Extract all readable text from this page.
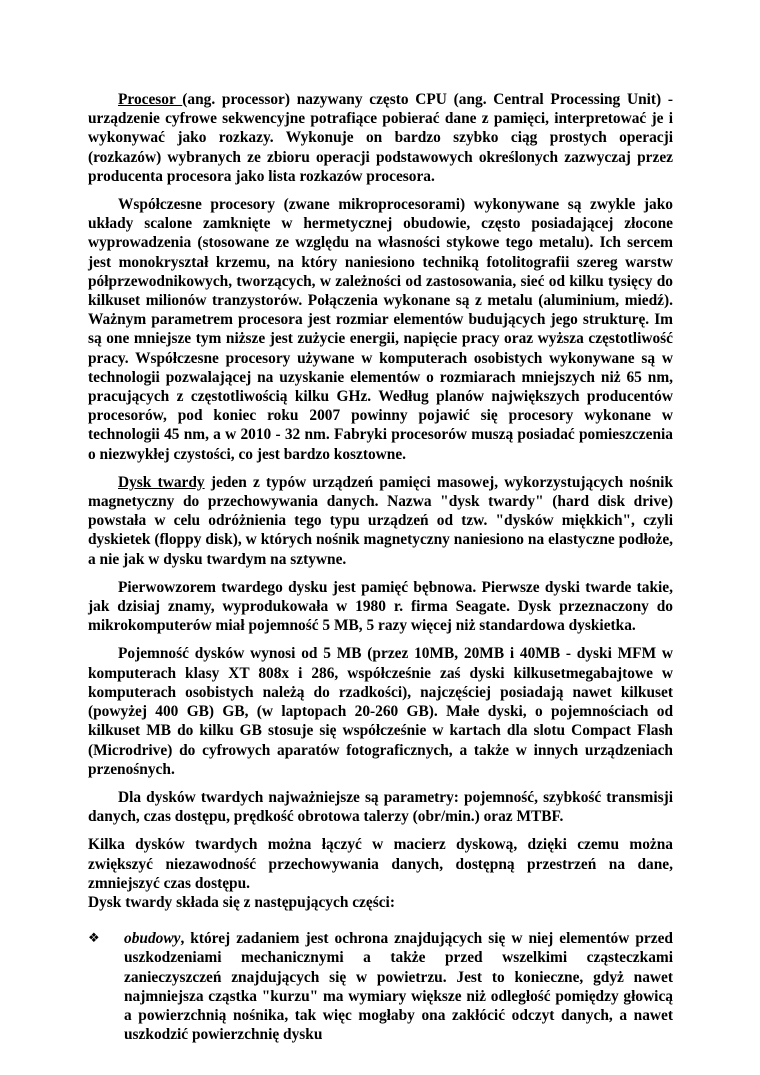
Procesor (ang. processor) nazywany często CPU (ang. Central Processing Unit) - urządzenie cyfrowe sekwencyjne potrafiące pobierać dane z pamięci, interpretować je i wykonywać jako rozkazy. Wykonuje on bardzo szybko ciąg prostych operacji (rozkazów) wybranych ze zbioru operacji podstawowych określonych zazwyczaj przez producenta procesora jako lista rozkazów procesora.

Współczesne procesory (zwane mikroprocesorami) wykonywane są zwykle jako układy scalone zamknięte w hermetycznej obudowie, często posiadającej złocone wyprowadzenia (stosowane ze względu na własności stykowe tego metalu). Ich sercem jest monokryształ krzemu, na który naniesiono techniką fotolitografii szereg warstw półprzewodnikowych, tworzących, w zależności od zastosowania, sieć od kilku tysięcy do kilkuset milionów tranzystorów. Połączenia wykonane są z metalu (aluminium, miedź). Ważnym parametrem procesora jest rozmiar elementów budujących jego strukturę. Im są one mniejsze tym niższe jest zużycie energii, napięcie pracy oraz wyższa częstotliwość pracy. Współczesne procesory używane w komputerach osobistych wykonywane są w technologii pozwalającej na uzyskanie elementów o rozmiarach mniejszych niż 65 nm, pracujących z częstotliwością kilku GHz. Według planów największych producentów procesorów, pod koniec roku 2007 powinny pojawić się procesory wykonane w technologii 45 nm, a w 2010 - 32 nm. Fabryki procesorów muszą posiadać pomieszczenia o niezwykłej czystości, co jest bardzo kosztowne.

Dysk twardy jeden z typów urządzeń pamięci masowej, wykorzystujących nośnik magnetyczny do przechowywania danych. Nazwa "dysk twardy" (hard disk drive) powstała w celu odróżnienia tego typu urządzeń od tzw. "dysków miękkich", czyli dyskietek (floppy disk), w których nośnik magnetyczny naniesiono na elastyczne podłoże, a nie jak w dysku twardym na sztywne.

Pierwowzorem twardego dysku jest pamięć bębnowa. Pierwsze dyski twarde takie, jak dzisiaj znamy, wyprodukowała w 1980 r. firma Seagate. Dysk przeznaczony do mikrokomputerów miał pojemność 5 MB, 5 razy więcej niż standardowa dyskietka.

Pojemność dysków wynosi od 5 MB (przez 10MB, 20MB i 40MB - dyski MFM w komputerach klasy XT 808x i 286, współcześnie zaś dyski kilkusetmegabajtowe w komputerach osobistych należą do rzadkości), najczęściej posiadają nawet kilkuset (powyżej 400 GB) GB, (w laptopach 20-260 GB). Małe dyski, o pojemnościach od kilkuset MB do kilku GB stosuje się współcześnie w kartach dla slotu Compact Flash (Microdrive) do cyfrowych aparatów fotograficznych, a także w innych urządzeniach przenośnych.

Dla dysków twardych najważniejsze są parametry: pojemność, szybkość transmisji danych, czas dostępu, prędkość obrotowa talerzy (obr/min.) oraz MTBF.

Kilka dysków twardych można łączyć w macierz dyskową, dzięki czemu można zwiększyć niezawodność przechowywania danych, dostępną przestrzeń na dane, zmniejszyć czas dostępu.

Dysk twardy składa się z następujących części:

❖ obudowy, której zadaniem jest ochrona znajdujących się w niej elementów przed uszkodzeniami mechanicznymi a także przed wszelkimi cząsteczkami zanieczyszczeń znajdujących się w powietrzu. Jest to konieczne, gdyż nawet najmniejsza cząstka "kurzu" ma wymiary większe niż odległość pomiędzy głowicą a powierzchnią nośnika, tak więc mogłaby ona zakłócić odczyt danych, a nawet uszkodzić powierzchnię dysku
